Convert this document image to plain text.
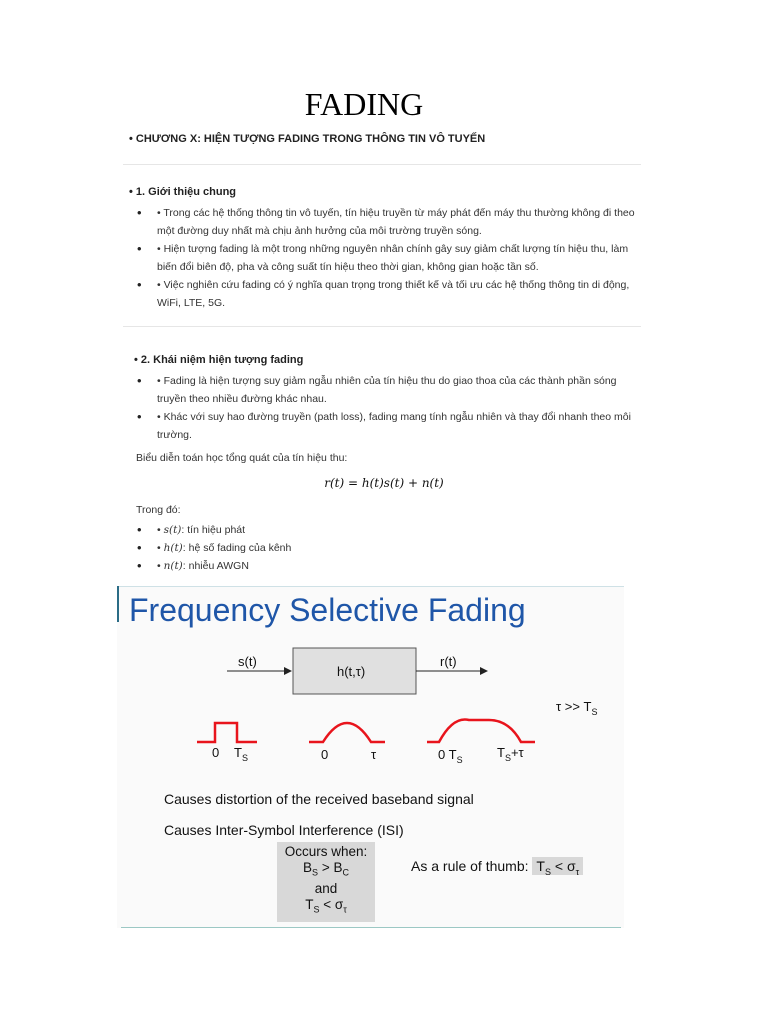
FADING
• CHƯƠNG X: HIỆN TƯỢNG FADING TRONG THÔNG TIN VÔ TUYẾN
• 1. Giới thiệu chung
• • Trong các hệ thống thông tin vô tuyến, tín hiệu truyền từ máy phát đến máy thu thường không đi theo một đường duy nhất mà chịu ảnh hưởng của môi trường truyền sóng.
• • Hiện tượng fading là một trong những nguyên nhân chính gây suy giảm chất lượng tín hiệu thu, làm biến đổi biên độ, pha và công suất tín hiệu theo thời gian, không gian hoặc tần số.
• • Việc nghiên cứu fading có ý nghĩa quan trọng trong thiết kế và tối ưu các hệ thống thông tin di động, WiFi, LTE, 5G.
• 2. Khái niệm hiện tượng fading
• • Fading là hiện tượng suy giảm ngẫu nhiên của tín hiệu thu do giao thoa của các thành phần sóng truyền theo nhiều đường khác nhau.
• • Khác với suy hao đường truyền (path loss), fading mang tính ngẫu nhiên và thay đổi nhanh theo môi trường.
Biểu diễn toán học tổng quát của tín hiệu thu:
r(t) = h(t)s(t) + n(t)
Trong đó:
• • s(t): tín hiệu phát
• • h(t): hệ số fading của kênh
• • n(t): nhiễu AWGN
Frequency Selective Fading
s(t)
h(t,τ)
r(t)
$\tau >> T_S$
0 $T_S$	0	τ	0 $T_S$	$T_S+\tau$
Causes distortion of the received baseband signal
Causes Inter-Symbol Interference (ISI)
Occurs when:
$B_S > B_C$
and
$T_S < \sigma_\tau$
As a rule of thumb: $T_S < \sigma_\tau$
